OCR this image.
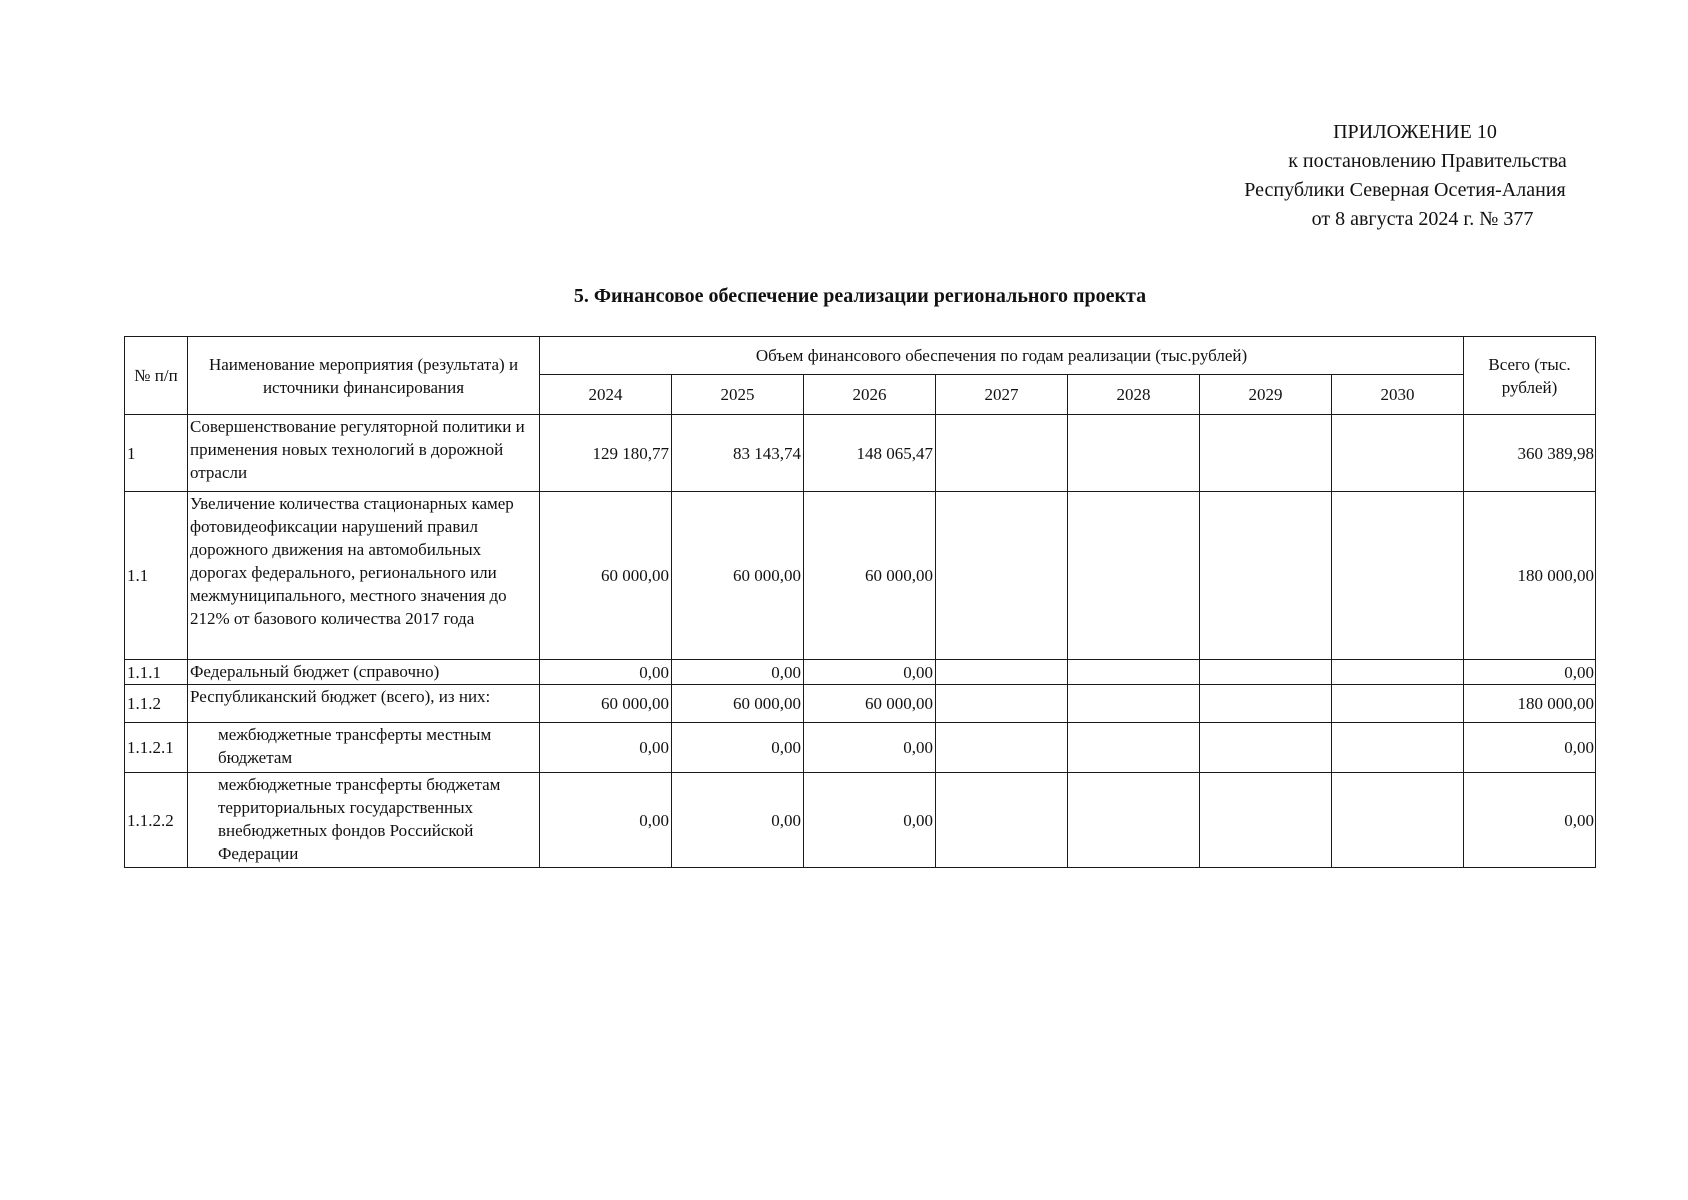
ПРИЛОЖЕНИЕ 10
к постановлению Правительства
Республики Северная Осетия-Алания
от 8 августа 2024 г. № 377
5. Финансовое обеспечение реализации регионального проекта
№ п/п	Наименование мероприятия (результата) и источники финансирования	Объем финансового обеспечения по годам реализации (тыс.рублей)							Всего (тыс. рублей)
		2024	2025	2026	2027	2028	2029	2030	
1	Совершенствование регуляторной политики и применения новых технологий в дорожной отрасли	129 180,77	83 143,74	148 065,47					360 389,98
1.1	Увеличение количества стационарных камер фотовидеофиксации нарушений правил дорожного движения на автомобильных дорогах федерального, регионального или межмуниципального, местного значения до 212% от базового количества 2017 года	60 000,00	60 000,00	60 000,00					180 000,00
1.1.1	Федеральный бюджет (справочно)	0,00	0,00	0,00					0,00
1.1.2	Республиканский бюджет (всего), из них:	60 000,00	60 000,00	60 000,00					180 000,00
1.1.2.1	межбюджетные трансферты местным бюджетам	0,00	0,00	0,00					0,00
1.1.2.2	межбюджетные трансферты бюджетам территориальных государственных внебюджетных фондов Российской Федерации	0,00	0,00	0,00					0,00
